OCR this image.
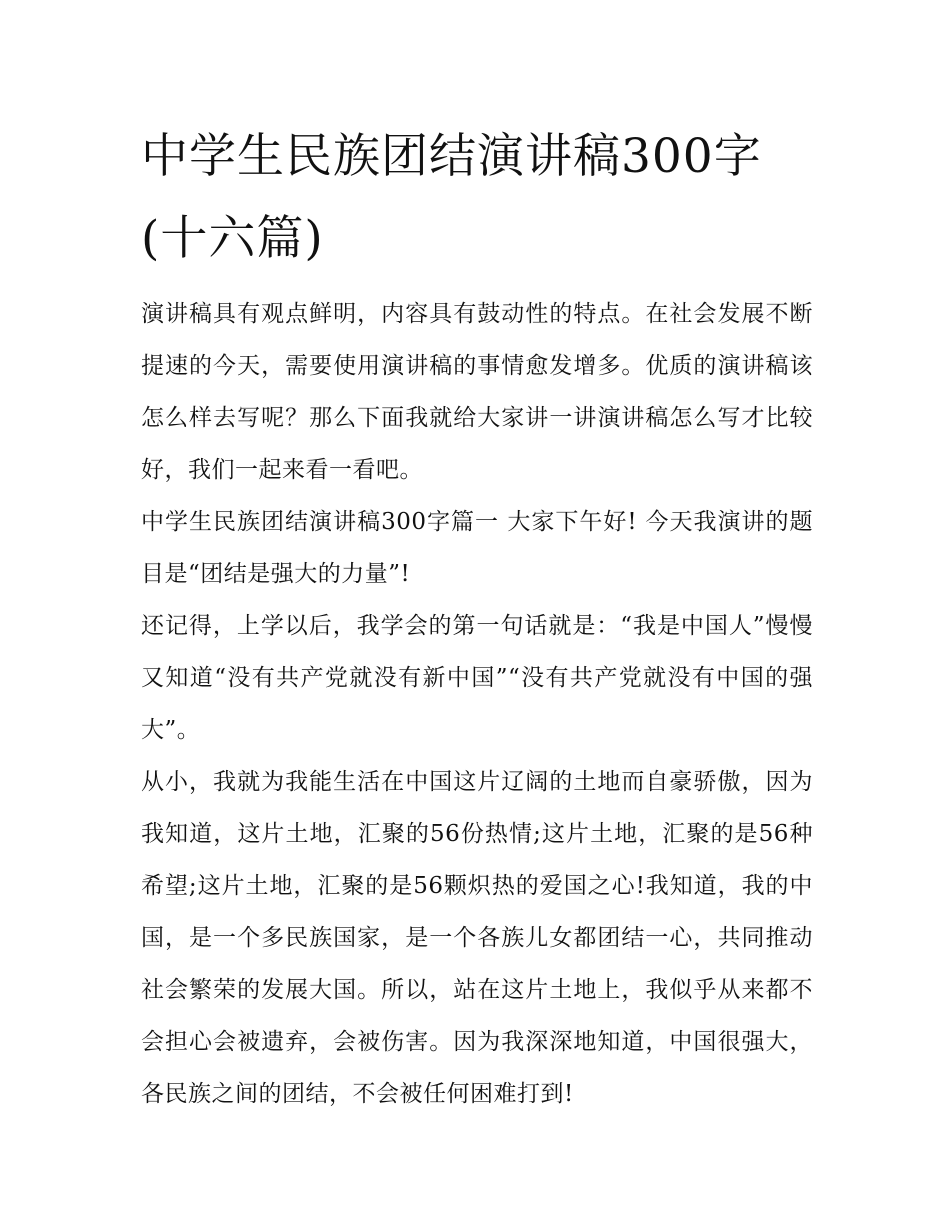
中学生民族团结演讲稿300字
(十六篇)

演讲稿具有观点鲜明，内容具有鼓动性的特点。在社会发展不断提速的今天，需要使用演讲稿的事情愈发增多。优质的演讲稿该怎么样去写呢？那么下面我就给大家讲一讲演讲稿怎么写才比较好，我们一起来看一看吧。

中学生民族团结演讲稿300字篇一 大家下午好! 今天我演讲的题目是“团结是强大的力量”!

还记得，上学以后，我学会的第一句话就是：“我是中国人”慢慢又知道“没有共产党就没有新中国”“没有共产党就没有中国的强大”。

从小，我就为我能生活在中国这片辽阔的土地而自豪骄傲，因为我知道，这片土地，汇聚的56份热情;这片土地，汇聚的是56种希望;这片土地，汇聚的是56颗炽热的爱国之心!我知道，我的中国，是一个多民族国家，是一个各族儿女都团结一心，共同推动社会繁荣的发展大国。所以，站在这片土地上，我似乎从来都不会担心会被遗弃，会被伤害。因为我深深地知道，中国很强大，各民族之间的团结，不会被任何困难打到!
